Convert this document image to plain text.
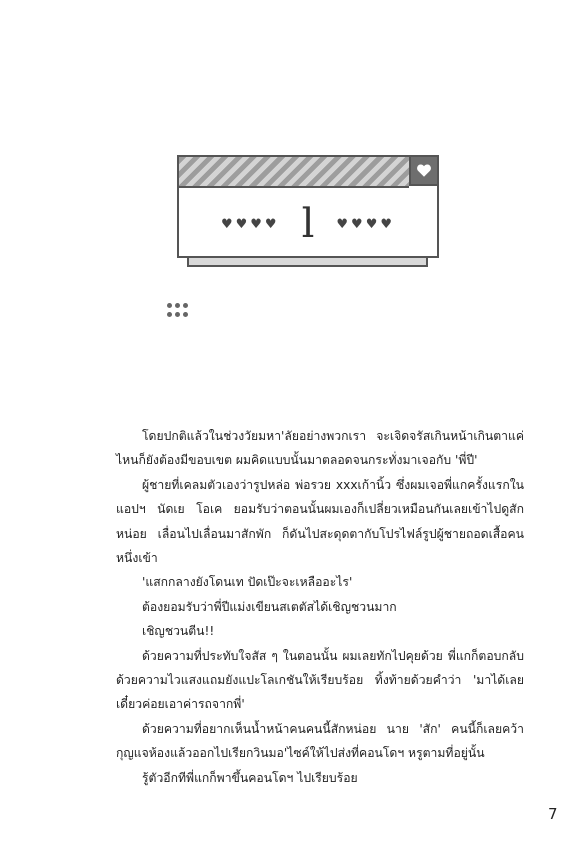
♥♥♥♥ l ♥♥♥♥

โดยปกติแล้วในช่วงวัยมหา'ลัยอย่างพวกเรา จะเจิดจรัสเกินหน้าเกินตาแค่ไหนก็ยังต้องมีขอบเขต ผมคิดแบบนั้นมาตลอดจนกระทั่งมาเจอกับ 'พี่ปี'

ผู้ชายที่เคลมตัวเองว่ารูปหล่อ พ่อรวย xxxเก้านิ้ว ซึ่งผมเจอพี่แกครั้งแรกในแอปฯ นัดเย โอเค ยอมรับว่าตอนนั้นผมเองก็เปลี่ยวเหมือนกันเลยเข้าไปดูสักหน่อย เลื่อนไปเลื่อนมาสักพัก ก็ดันไปสะดุดตากับโปรไฟล์รูปผู้ชายถอดเสื้อคนหนึ่งเข้า

'แสกกลางยังโดนเท ปัดเป๊ะจะเหลืออะไร'

ต้องยอมรับว่าพี่ปีแม่งเขียนสเตตัสได้เชิญชวนมาก

เชิญชวนตีน!!

ด้วยความที่ประทับใจสัส ๆ ในตอนนั้น ผมเลยทักไปคุยด้วย พี่แกก็ตอบกลับด้วยความไวแสงแถมยังแปะโลเกชันให้เรียบร้อย ทิ้งท้ายด้วยคำว่า 'มาได้เลยเดี๋ยวค่อยเอาค่ารถจากพี่'

ด้วยความที่อยากเห็นน้ำหน้าคนคนนี้สักหน่อย นาย 'สัก' คนนี้ก็เลยคว้ากุญแจห้องแล้วออกไปเรียกวินมอ'ไซค์ให้ไปส่งที่คอนโดฯ หรูตามที่อยู่นั้น

รู้ตัวอีกทีพี่แกก็พาขึ้นคอนโดฯ ไปเรียบร้อย

7
